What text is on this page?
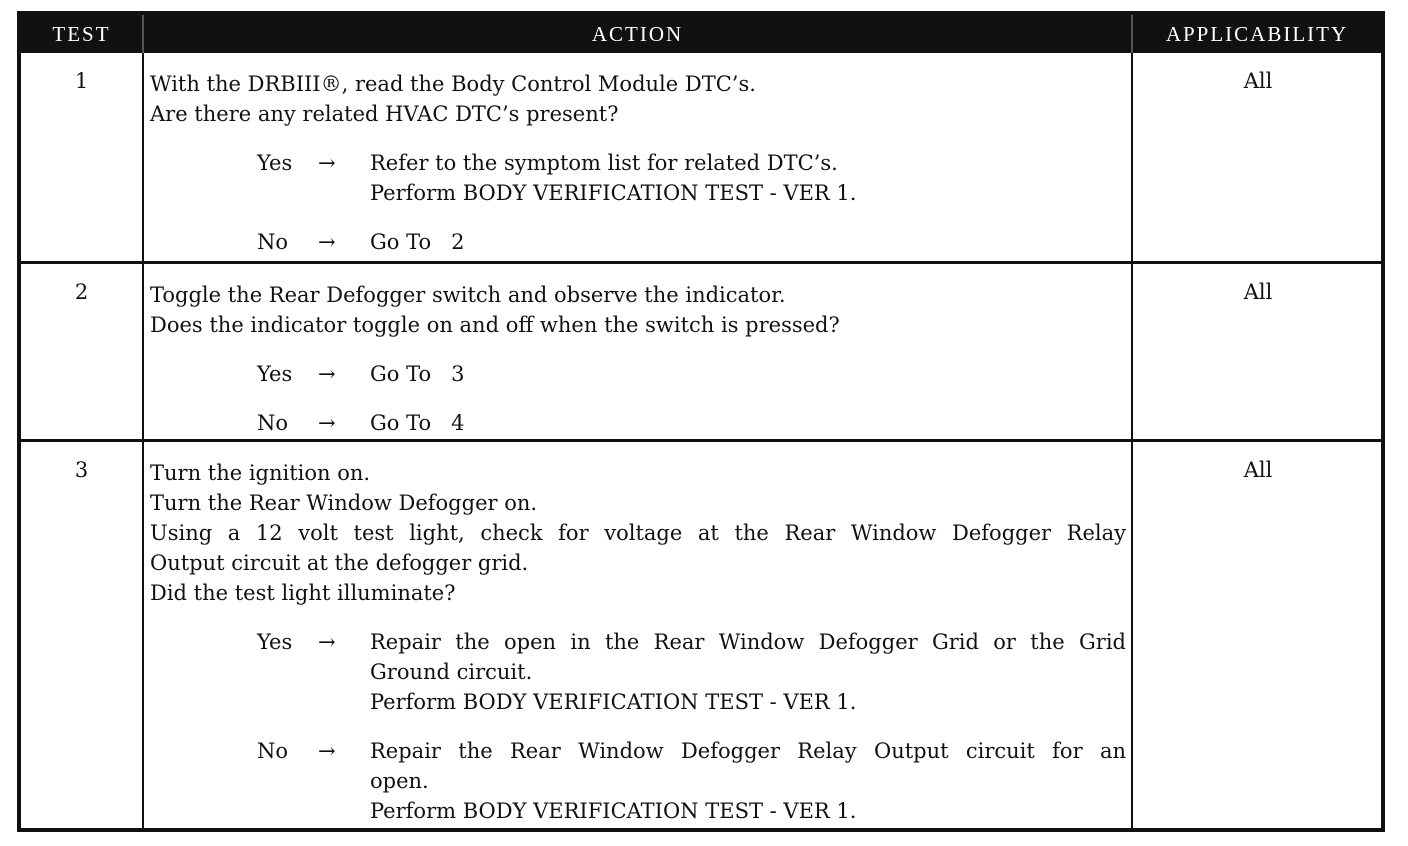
TEST	ACTION	APPLICABILITY
1	With the DRBIII®, read the Body Control Module DTC’s.
Are there any related HVAC DTC’s present?
Yes → Refer to the symptom list for related DTC’s.
Perform BODY VERIFICATION TEST - VER 1.
No → Go To   2
All
2	Toggle the Rear Defogger switch and observe the indicator.
Does the indicator toggle on and off when the switch is pressed?
Yes → Go To   3
No → Go To   4
All
3	Turn the ignition on.
Turn the Rear Window Defogger on.
Using a 12 volt test light, check for voltage at the Rear Window Defogger Relay
Output circuit at the defogger grid.
Did the test light illuminate?
Yes → Repair the open in the Rear Window Defogger Grid or the Grid
Ground circuit.
Perform BODY VERIFICATION TEST - VER 1.
No → Repair the Rear Window Defogger Relay Output circuit for an
open.
Perform BODY VERIFICATION TEST - VER 1.
All
